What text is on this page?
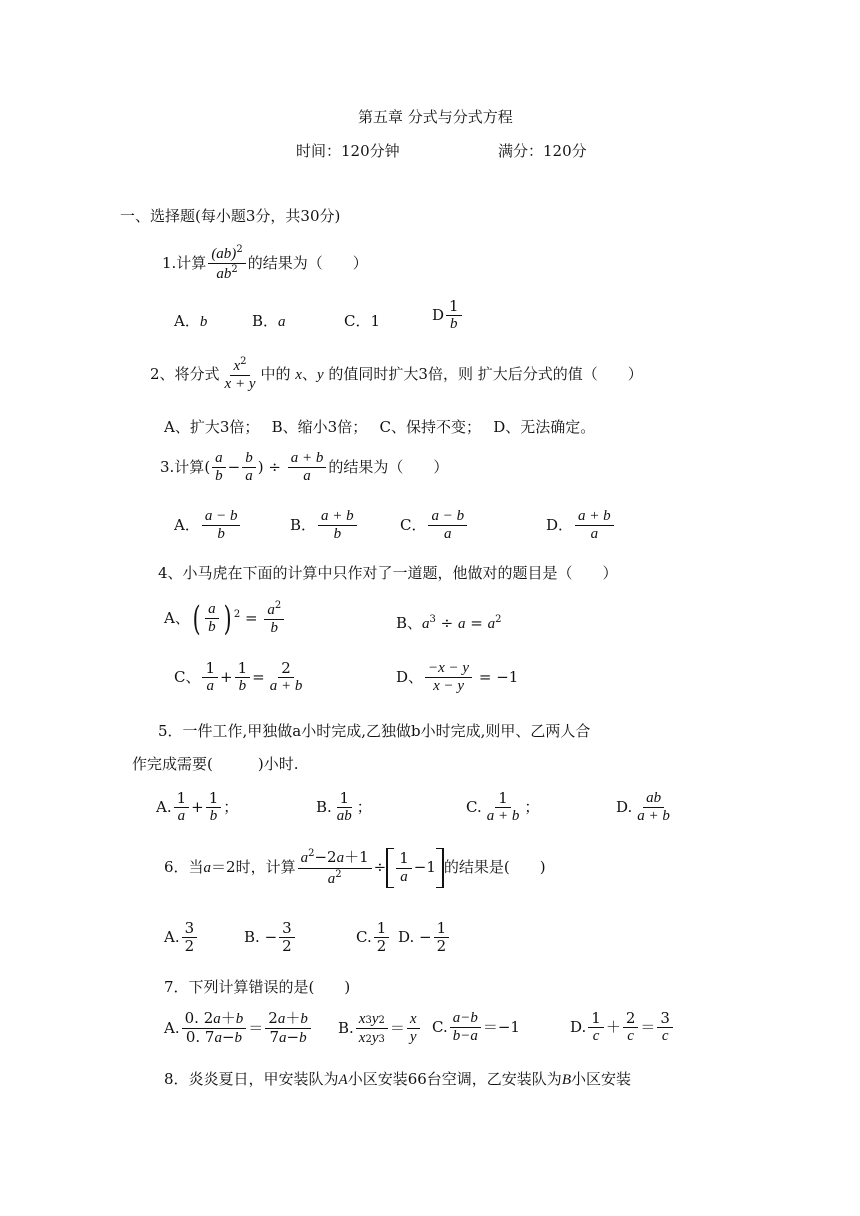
第五章 分式与分式方程
时间：120分钟	满分：120分
一、选择题(每小题3分，共30分)
1.计算 $\frac{(ab)^2}{ab^2}$ 的结果为（　　）
A．b	B．a	C．1	D $\frac{1}{b}$
2、将分式 $\frac{x^2}{x + y}$ 中的 x、y 的值同时扩大3倍，则 扩大后分式的值（　　）
A、扩大3倍；　 B、缩小3倍；　 C、保持不变；　 D、无法确定。
3.计算( $\frac{a}{b} - \frac{b}{a}$ ) ÷ $\frac{a + b}{a}$ 的结果为（　　）
A． $\frac{a - b}{b}$	B． $\frac{a + b}{b}$	C． $\frac{a - b}{a}$	D． $\frac{a + b}{a}$
4、小马虎在下面的计算中只作对了一道题，他做对的题目是（　　）
A、( $\frac{a}{b}$ ) $^2 = \frac{a^2}{b}$	B、$a^3 \div a = a^2$
C、 $\frac{1}{a} + \frac{1}{b} = \frac{2}{a + b}$	D、 $\frac{-x - y}{x - y} = -1$
5．一件工作,甲独做a小时完成,乙独做b小时完成,则甲、乙两人合
作完成需要(　　　)小时.
A. $\frac{1}{a} + \frac{1}{b}$ ；	B. $\frac{1}{ab}$ ；	C. $\frac{1}{a + b}$ ；	D. $\frac{ab}{a + b}$
6．当a＝2时，计算 $\frac{a^2-2a+1}{a^2} \div \frac{1}{a} -1$ 的结果是(　　)
A. $\frac{3}{2}$	B. − $\frac{3}{2}$	C. $\frac{1}{2} D$. − $\frac{1}{2}$
7．下列计算错误的是(　　)
A. $\frac{0. 2a+b}{0. 7a-b} = \frac{2a+b}{7a-b} B$. $\frac{x3y2}{x2y3} = \frac{x}{y} C$. $\frac{a-b}{b-a} =-1$	D. $\frac{1}{c} + \frac{2}{c} = \frac{3}{c}$
8．炎炎夏日，甲安装队为A小区安装66台空调，乙安装队为B小区安装
